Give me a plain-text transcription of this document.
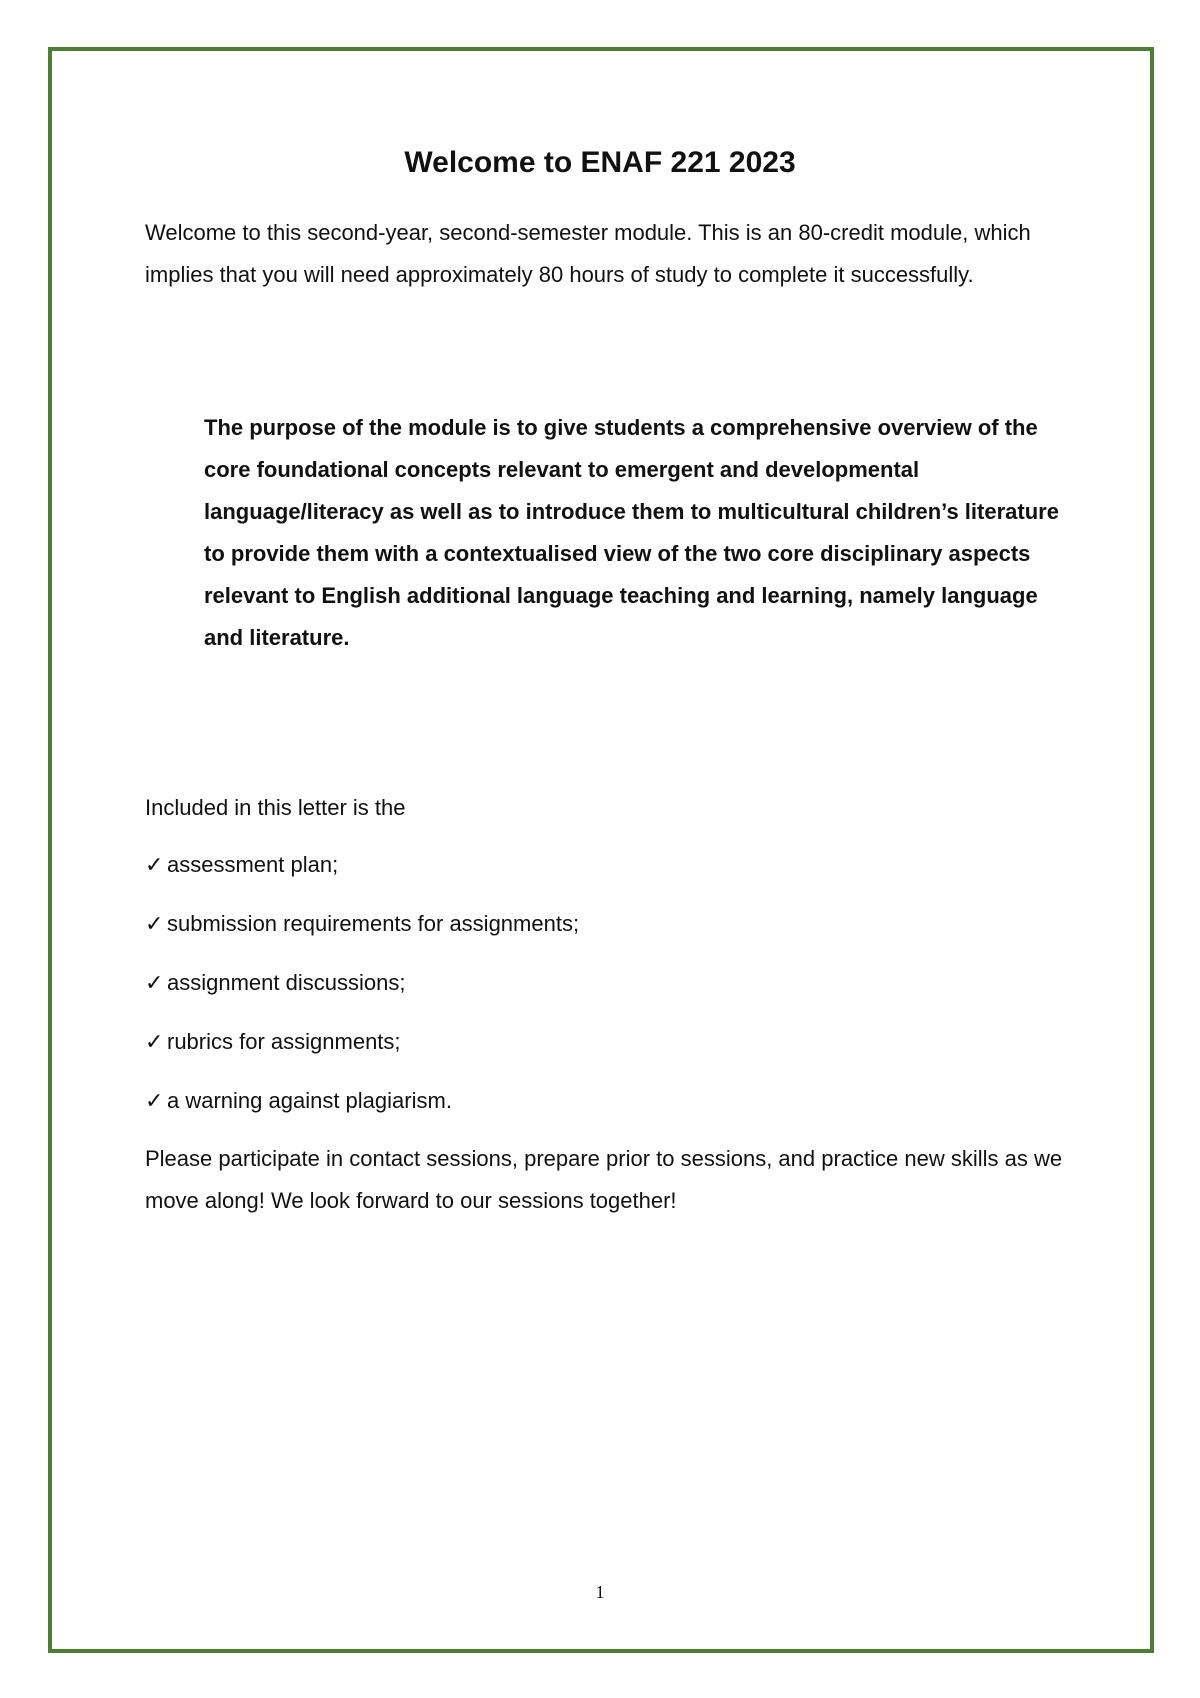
Welcome to ENAF 221 2023

Welcome to this second-year, second-semester module. This is an 80-credit module, which implies that you will need approximately 80 hours of study to complete it successfully.

The purpose of the module is to give students a comprehensive overview of the core foundational concepts relevant to emergent and developmental language/literacy as well as to introduce them to multicultural children’s literature to provide them with a contextualised view of the two core disciplinary aspects relevant to English additional language teaching and learning, namely language and literature.

Included in this letter is the

✓ assessment plan;
✓ submission requirements for assignments;
✓ assignment discussions;
✓ rubrics for assignments;
✓ a warning against plagiarism.

Please participate in contact sessions, prepare prior to sessions, and practice new skills as we move along! We look forward to our sessions together!

1
